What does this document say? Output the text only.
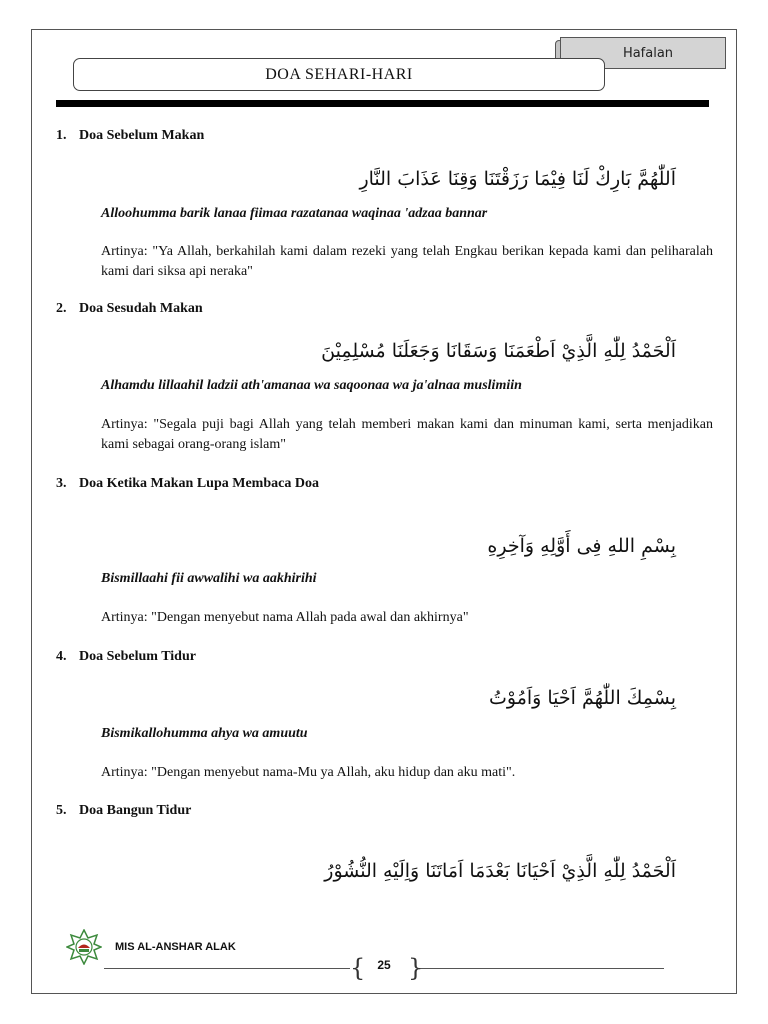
Hafalan
DOA SEHARI-HARI
1. Doa Sebelum Makan
اَللّٰهُمَّ بَارِكْ لَنَا فِيْمَا رَزَقْتَنَا وَقِنَا عَذَابَ النَّارِ
Alloohumma barik lanaa fiimaa razatanaa waqinaa 'adzaa bannar

Artinya: "Ya Allah, berkahilah kami dalam rezeki yang telah Engkau berikan kepada kami dan peliharalah kami dari siksa api neraka"

2. Doa Sesudah Makan
اَلْحَمْدُ لِلّٰهِ الَّذِيْ اَطْعَمَنَا وَسَقَانَا وَجَعَلَنَا مُسْلِمِيْنَ
Alhamdu lillaahil ladzii ath'amanaa wa saqoonaa wa ja'alnaa muslimiin

Artinya: "Segala puji bagi Allah yang telah memberi makan kami dan minuman kami, serta menjadikan kami sebagai orang-orang islam"

3. Doa Ketika Makan Lupa Membaca Doa
بِسْمِ اللهِ فِى أَوَّلِهِ وَآخِرِهِ
Bismillaahi fii awwalihi wa aakhirihi

Artinya: "Dengan menyebut nama Allah pada awal dan akhirnya"

4. Doa Sebelum Tidur
بِسْمِكَ اللّٰهُمَّ اَحْيَا وَاَمُوْتُ
Bismikallohumma ahya wa amuutu

Artinya: "Dengan menyebut nama-Mu ya Allah, aku hidup dan aku mati".

5. Doa Bangun Tidur
اَلْحَمْدُ لِلّٰهِ الَّذِيْ اَحْيَانَا بَعْدَمَا اَمَاتَنَا وَاِلَيْهِ النُّشُوْرُ
MIS AL-ANSHAR ALAK
{	25 }
